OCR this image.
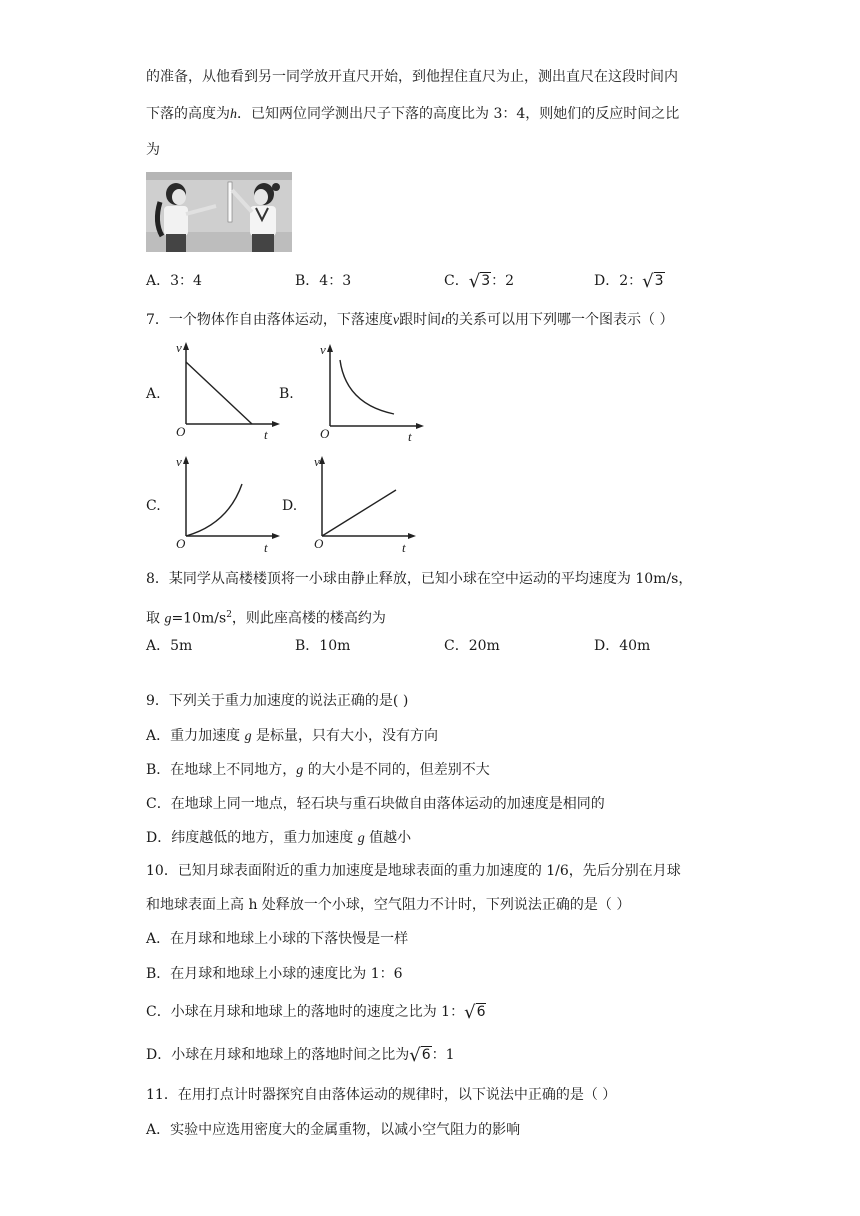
的准备，从他看到另一同学放开直尺开始，到他捏住直尺为止，测出直尺在这段时间内
下落的高度为h．已知两位同学测出尺子下落的高度比为 3：4，则她们的反应时间之比
为
A．3：4	B．4：3	C．√3：2	D．2：√3
7．一个物体作自由落体运动，下落速度v跟时间t的关系可以用下列哪一个图表示（ ）
A.
v
O	t
B.
v
O	t
C.
v
O	t
D.
v
O	t
8．某同学从高楼楼顶将一小球由静止释放，已知小球在空中运动的平均速度为 10m/s，
取 $g=10m/s^2$，则此座高楼的楼高约为
A．5m	B．10m	C．20m	D．40m
9．下列关于重力加速度的说法正确的是( )
A．重力加速度 g 是标量，只有大小，没有方向
B．在地球上不同地方，g 的大小是不同的，但差别不大
C．在地球上同一地点，轻石块与重石块做自由落体运动的加速度是相同的
D．纬度越低的地方，重力加速度 g 值越小
10．已知月球表面附近的重力加速度是地球表面的重力加速度的 1/6，先后分别在月球
和地球表面上高 h 处释放一个小球，空气阻力不计时，下列说法正确的是（ ）
A．在月球和地球上小球的下落快慢是一样
B．在月球和地球上小球的速度比为 1：6
C．小球在月球和地球上的落地时的速度之比为 1：√6
D．小球在月球和地球上的落地时间之比为√6：1
11．在用打点计时器探究自由落体运动的规律时，以下说法中正确的是（ ）
A．实验中应选用密度大的金属重物，以减小空气阻力的影响
